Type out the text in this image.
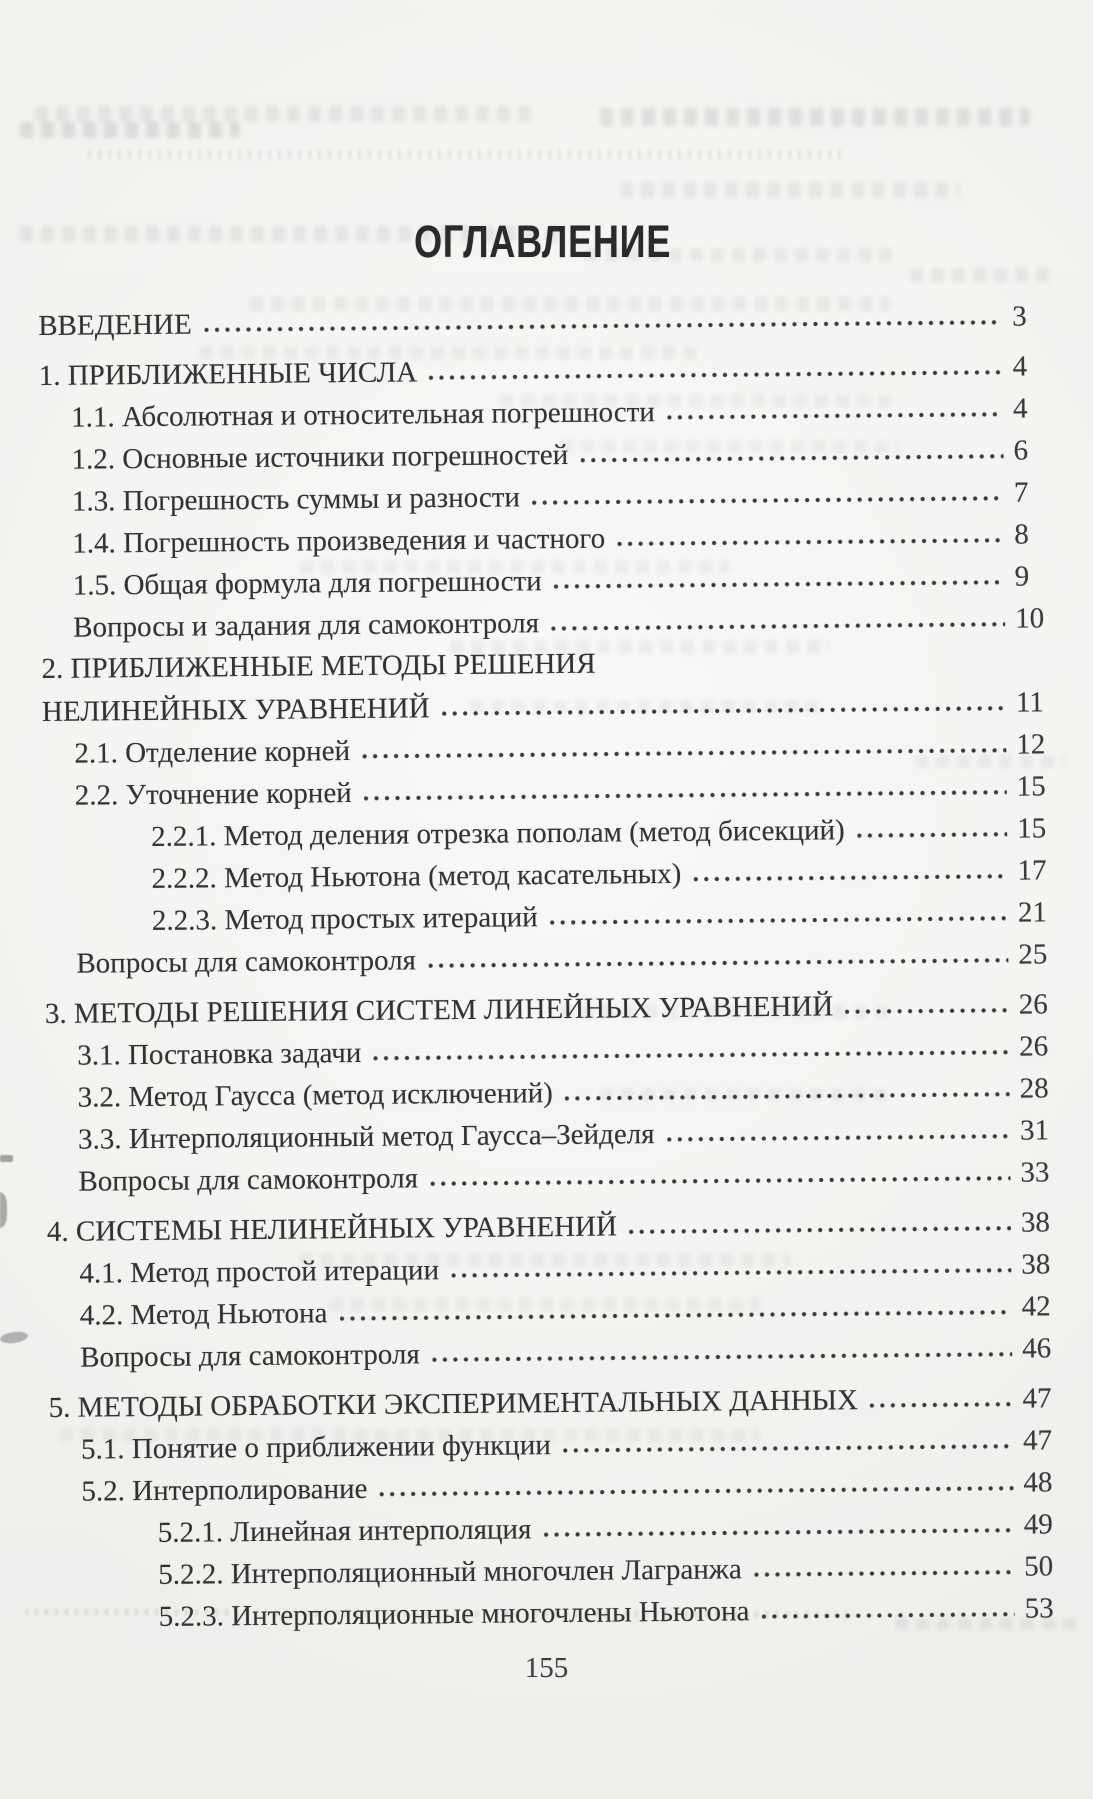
ОГЛАВЛЕНИЕ
ВВЕДЕНИЕ	3
1. ПРИБЛИЖЕННЫЕ ЧИСЛА	4
1.1. Абсолютная и относительная погрешности	4
1.2. Основные источники погрешностей	6
1.3. Погрешность суммы и разности	7
1.4. Погрешность произведения и частного	8
1.5. Общая формула для погрешности	9
Вопросы и задания для самоконтроля	10
2. ПРИБЛИЖЕННЫЕ МЕТОДЫ РЕШЕНИЯ
НЕЛИНЕЙНЫХ УРАВНЕНИЙ	11
2.1. Отделение корней	12
2.2. Уточнение корней	15
2.2.1. Метод деления отрезка пополам (метод бисекций)	15
2.2.2. Метод Ньютона (метод касательных)	17
2.2.3. Метод простых итераций	21
Вопросы для самоконтроля	25
3. МЕТОДЫ РЕШЕНИЯ СИСТЕМ ЛИНЕЙНЫХ УРАВНЕНИЙ	26
3.1. Постановка задачи	26
3.2. Метод Гаусса (метод исключений)	28
3.3. Интерполяционный метод Гаусса–Зейделя	31
Вопросы для самоконтроля	33
4. СИСТЕМЫ НЕЛИНЕЙНЫХ УРАВНЕНИЙ	38
4.1. Метод простой итерации	38
4.2. Метод Ньютона	42
Вопросы для самоконтроля	46
5. МЕТОДЫ ОБРАБОТКИ ЭКСПЕРИМЕНТАЛЬНЫХ ДАННЫХ	47
5.1. Понятие о приближении функции	47
5.2. Интерполирование	48
5.2.1. Линейная интерполяция	49
5.2.2. Интерполяционный многочлен Лагранжа	50
5.2.3. Интерполяционные многочлены Ньютона	53
155
